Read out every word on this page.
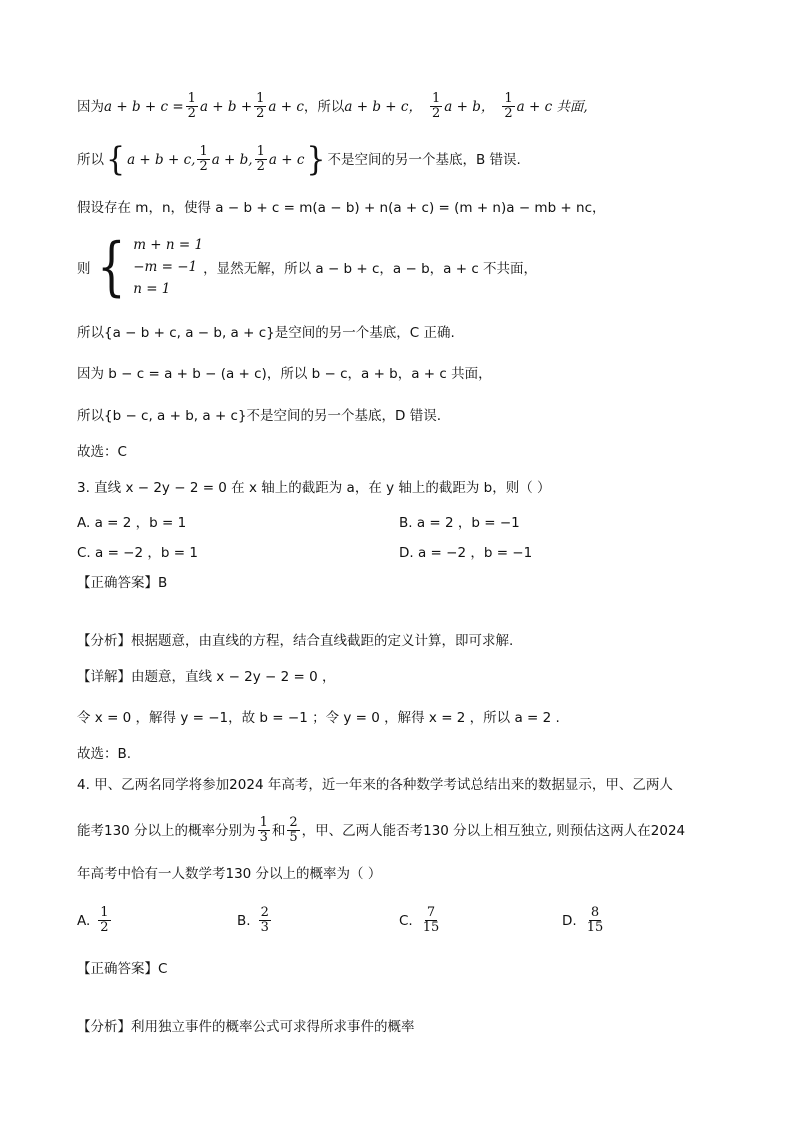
因为 $a + b + c = \frac{1}{2}$ $a + b + \frac{1}{2}$ a + c ，所以 a + b + c， $\frac{1}{2}$ a + b， $\frac{1}{2}$ a + c 共面,
所以 { a + b + c, $\frac{1}{2}$ a + b, $\frac{1}{2}$ a + c } 不是空间的另一个基底，B 错误.
假设存在 m，n，使得 a − b + c = m(a − b) + n(a + c) = (m + n)a − mb + nc，
则 { m + n = 1
−m = −1
n = 1
，显然无解，所以 a − b + c，a − b，a + c 不共面，
所以{a − b + c, a − b, a + c}是空间的另一个基底，C 正确.
因为 b − c = a + b − (a + c)，所以 b − c，a + b，a + c 共面，
所以{b − c, a + b, a + c}不是空间的另一个基底，D 错误.
故选：C
3. 直线 x − 2y − 2 = 0 在 x 轴上的截距为 a，在 y 轴上的截距为 b，则（ ）
A. a = 2 ，b = 1	B. a = 2 ，b = −1
C. a = −2 ，b = 1	D. a = −2 ，b = −1
【正确答案】B
【分析】根据题意，由直线的方程，结合直线截距的定义计算，即可求解.
【详解】由题意，直线 x − 2y − 2 = 0 ，
令 x = 0 ，解得 y = −1，故 b = −1 ；令 y = 0 ，解得 x = 2 ，所以 a = 2 .
故选：B.
4. 甲、乙两名同学将参加2024 年高考，近一年来的各种数学考试总结出来的数据显示，甲、乙两人
能考130 分以上的概率分别为 $\frac{1}{3}$ 和 $\frac{2}{5}$ ，甲、乙两人能否考130 分以上相互独立, 则预估这两人在2024
年高考中恰有一人数学考130 分以上的概率为（ ）
A. $\frac{1}{2}$	B. $\frac{2}{3}$	C. $\frac{7}{15}$	D. $\frac{8}{15}$
【正确答案】C
【分析】利用独立事件的概率公式可求得所求事件的概率
